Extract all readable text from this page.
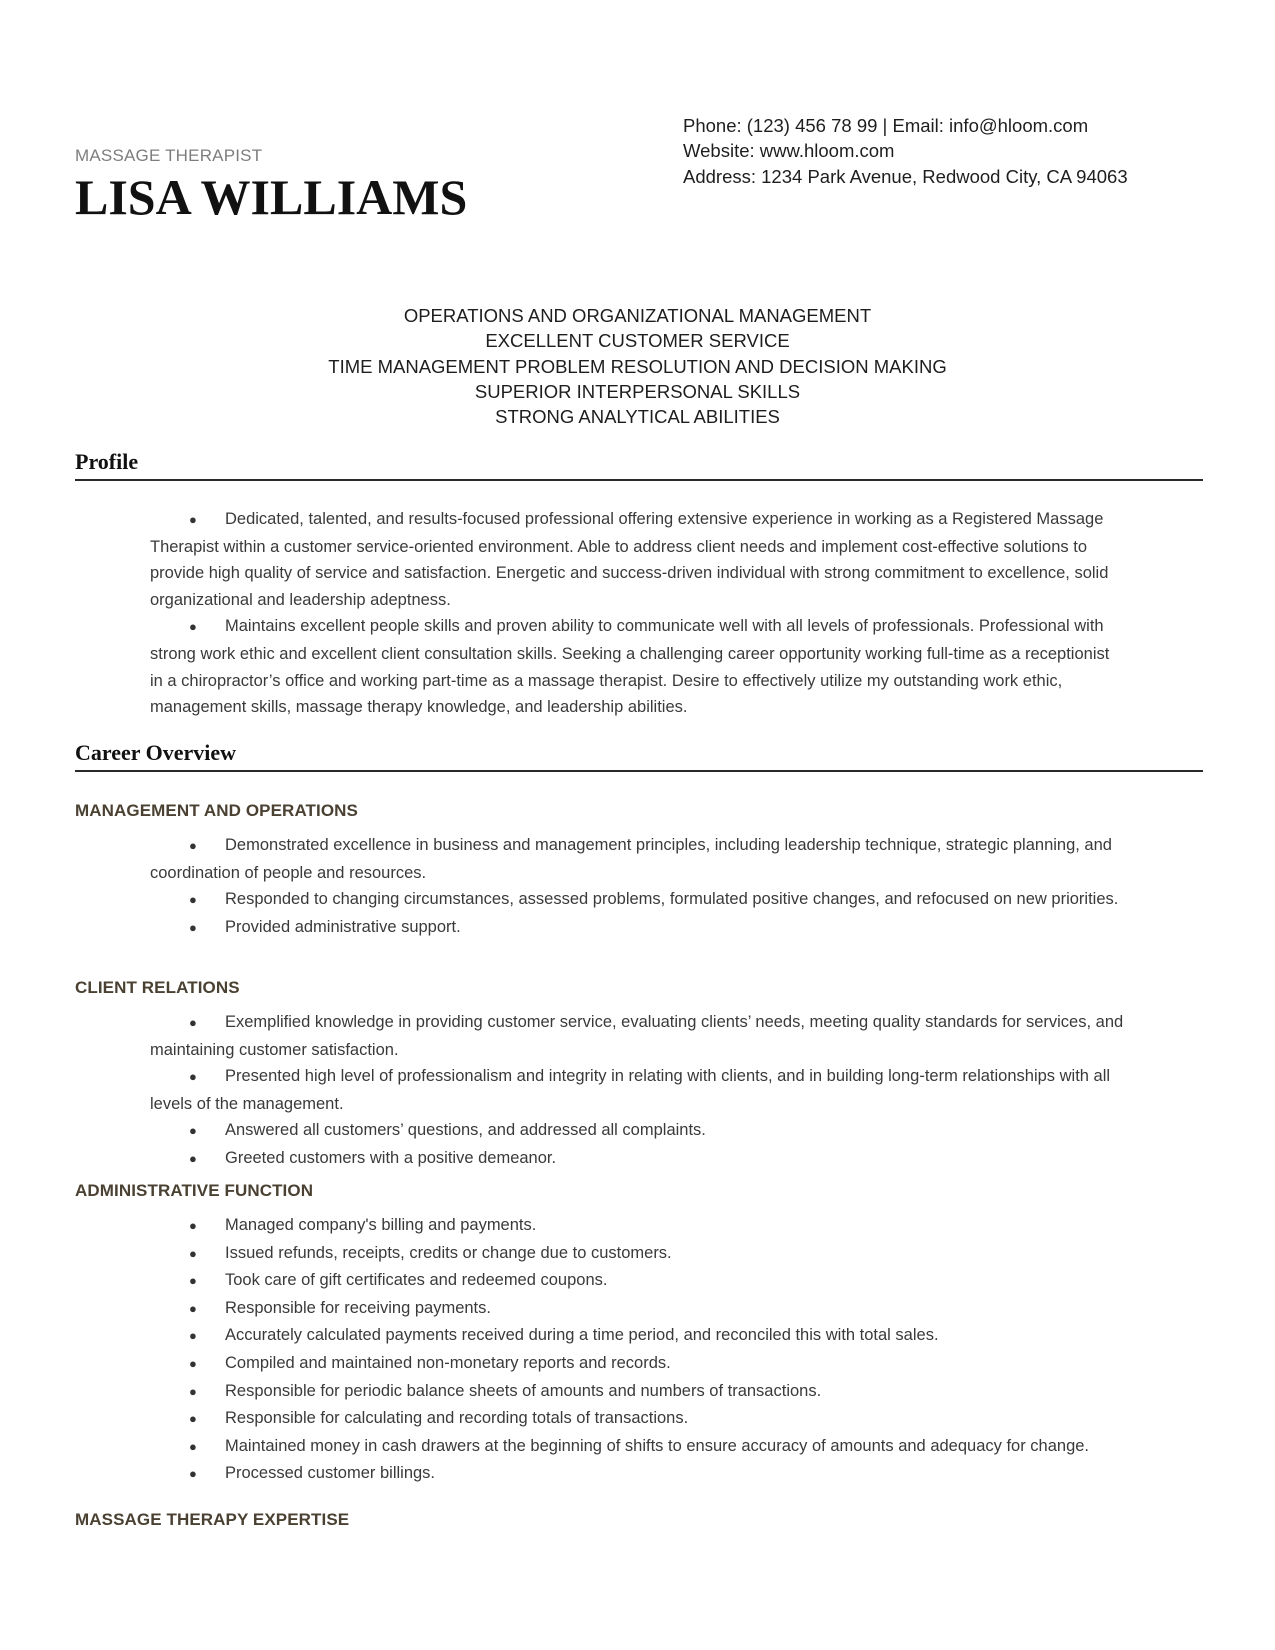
MASSAGE THERAPIST
LISA WILLIAMS
Phone: (123) 456 78 99 | Email: info@hloom.com
Website: www.hloom.com
Address: 1234 Park Avenue, Redwood City, CA 94063
OPERATIONS AND ORGANIZATIONAL MANAGEMENT
EXCELLENT CUSTOMER SERVICE
TIME MANAGEMENT PROBLEM RESOLUTION AND DECISION MAKING
SUPERIOR INTERPERSONAL SKILLS
STRONG ANALYTICAL ABILITIES
Profile
● Dedicated, talented, and results-focused professional offering extensive experience in working as a Registered Massage Therapist within a customer service-oriented environment. Able to address client needs and implement cost-effective solutions to provide high quality of service and satisfaction. Energetic and success-driven individual with strong commitment to excellence, solid organizational and leadership adeptness.
● Maintains excellent people skills and proven ability to communicate well with all levels of professionals. Professional with strong work ethic and excellent client consultation skills. Seeking a challenging career opportunity working full-time as a receptionist in a chiropractor’s office and working part-time as a massage therapist. Desire to effectively utilize my outstanding work ethic, management skills, massage therapy knowledge, and leadership abilities.
Career Overview
MANAGEMENT AND OPERATIONS
● Demonstrated excellence in business and management principles, including leadership technique, strategic planning, and coordination of people and resources.
● Responded to changing circumstances, assessed problems, formulated positive changes, and refocused on new priorities.
● Provided administrative support.
CLIENT RELATIONS
● Exemplified knowledge in providing customer service, evaluating clients’ needs, meeting quality standards for services, and maintaining customer satisfaction.
● Presented high level of professionalism and integrity in relating with clients, and in building long-term relationships with all levels of the management.
● Answered all customers’ questions, and addressed all complaints.
● Greeted customers with a positive demeanor.
ADMINISTRATIVE FUNCTION
● Managed company's billing and payments.
● Issued refunds, receipts, credits or change due to customers.
● Took care of gift certificates and redeemed coupons.
● Responsible for receiving payments.
● Accurately calculated payments received during a time period, and reconciled this with total sales.
● Compiled and maintained non-monetary reports and records.
● Responsible for periodic balance sheets of amounts and numbers of transactions.
● Responsible for calculating and recording totals of transactions.
● Maintained money in cash drawers at the beginning of shifts to ensure accuracy of amounts and adequacy for change.
● Processed customer billings.
MASSAGE THERAPY EXPERTISE
